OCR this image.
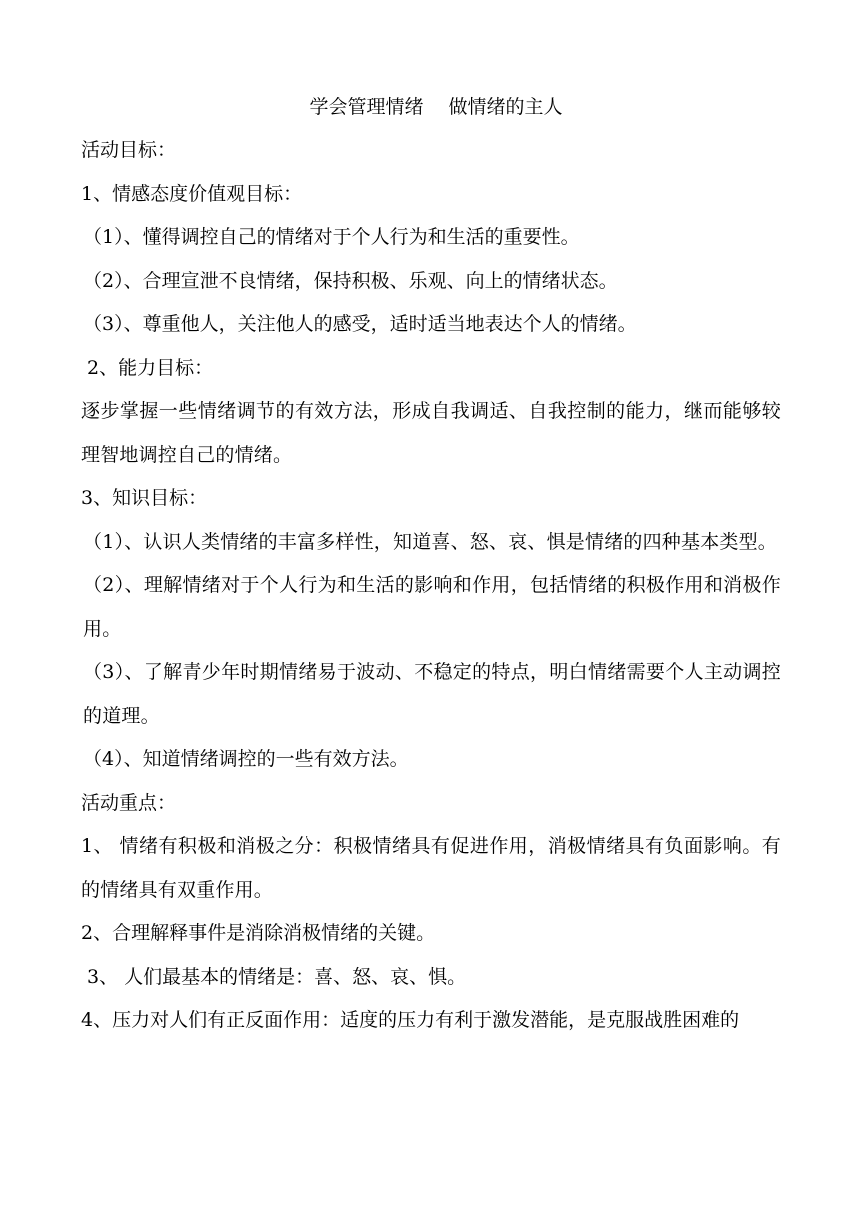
学会管理情绪　 做情绪的主人
活动目标：
1、情感态度价值观目标：
（1）、懂得调控自己的情绪对于个人行为和生活的重要性。
（2）、合理宣泄不良情绪，保持积极、乐观、向上的情绪状态。
（3）、尊重他人，关注他人的感受，适时适当地表达个人的情绪。
2、能力目标：
逐步掌握一些情绪调节的有效方法，形成自我调适、自我控制的能力，继而能够较理智地调控自己的情绪。
3、知识目标：
（1）、认识人类情绪的丰富多样性，知道喜、怒、哀、惧是情绪的四种基本类型。
（2）、理解情绪对于个人行为和生活的影响和作用，包括情绪的积极作用和消极作用。
（3）、了解青少年时期情绪易于波动、不稳定的特点，明白情绪需要个人主动调控的道理。
（4）、知道情绪调控的一些有效方法。
活动重点：
1、 情绪有积极和消极之分：积极情绪具有促进作用，消极情绪具有负面影响。有的情绪具有双重作用。
2、合理解释事件是消除消极情绪的关键。
3、 人们最基本的情绪是：喜、怒、哀、惧。
4、压力对人们有正反面作用：适度的压力有利于激发潜能，是克服战胜困难的
